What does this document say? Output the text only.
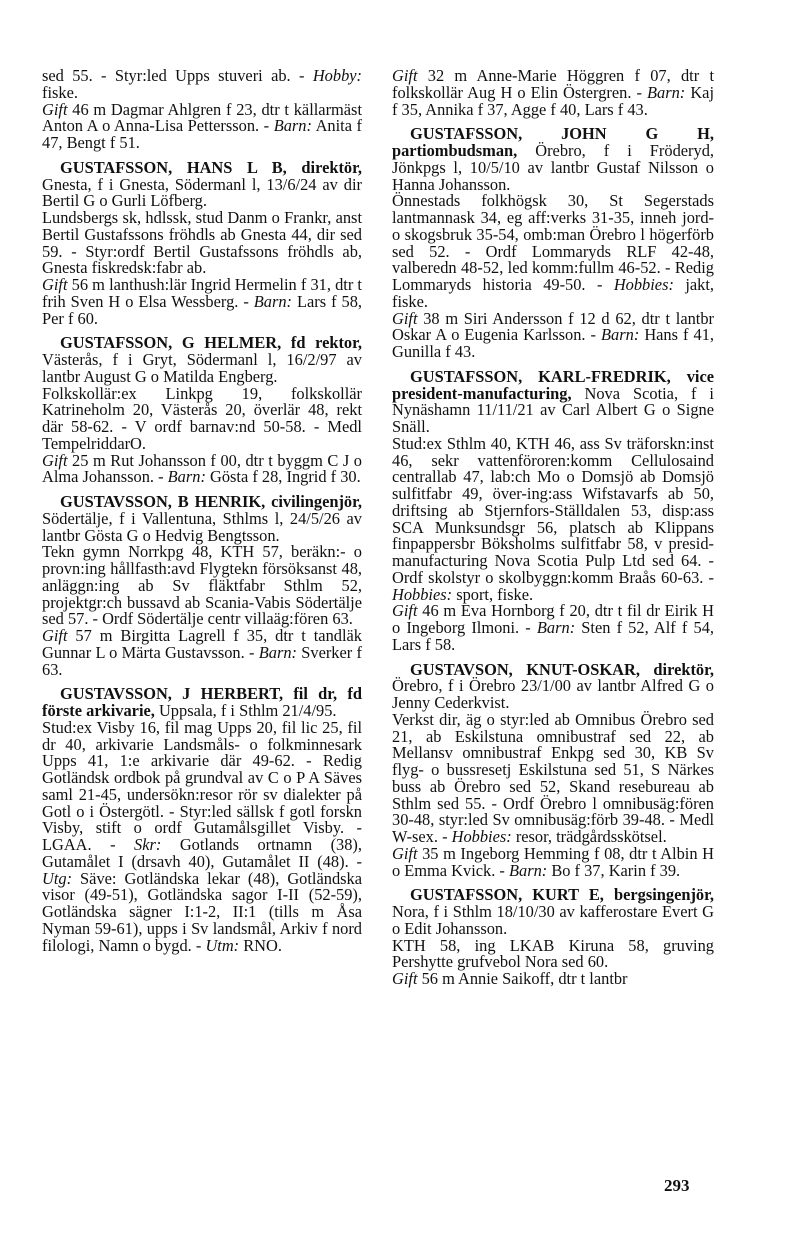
sed 55. - Styr:led Upps stuveri ab. - Hobby: fiske.
Gift 46 m Dagmar Ahlgren f 23, dtr t källarmäst Anton A o Anna-Lisa Pettersson. - Barn: Anita f 47, Bengt f 51.
GUSTAFSSON, HANS L B, direktör, Gnesta, f i Gnesta, Södermanl l, 13/6/24 av dir Bertil G o Gurli Löfberg.
Lundsbergs sk, hdlssk, stud Danm o Frankr, anst Bertil Gustafssons fröhdls ab Gnesta 44, dir sed 59. - Styr:ordf Bertil Gustafssons fröhdls ab, Gnesta fiskredsk:fabr ab.
Gift 56 m lanthush:lär Ingrid Hermelin f 31, dtr t frih Sven H o Elsa Wessberg. - Barn: Lars f 58, Per f 60.
GUSTAFSSON, G HELMER, fd rektor, Västerås, f i Gryt, Södermanl l, 16/2/97 av lantbr August G o Matilda Engberg.
Folkskollär:ex Linkpg 19, folkskollär Katrineholm 20, Västerås 20, överlär 48, rekt där 58-62. - V ordf barnav:nd 50-58. - Medl TempelriddarO.
Gift 25 m Rut Johansson f 00, dtr t byggm C J o Alma Johansson. - Barn: Gösta f 28, Ingrid f 30.
GUSTAVSSON, B HENRIK, civilingenjör, Södertälje, f i Vallentuna, Sthlms l, 24/5/26 av lantbr Gösta G o Hedvig Bengtsson.
Tekn gymn Norrkpg 48, KTH 57, beräkn:- o provn:ing hållfasth:avd Flygtekn försöksanst 48, anläggn:ing ab Sv fläktfabr Sthlm 52, projektgr:ch bussavd ab Scania-Vabis Södertälje sed 57. - Ordf Södertälje centr villaäg:fören 63.
Gift 57 m Birgitta Lagrell f 35, dtr t tandläk Gunnar L o Märta Gustavsson. - Barn: Sverker f 63.
GUSTAVSSON, J HERBERT, fil dr, fd förste arkivarie, Uppsala, f i Sthlm 21/4/95.
Stud:ex Visby 16, fil mag Upps 20, fil lic 25, fil dr 40, arkivarie Landsmåls- o folkminnesark Upps 41, 1:e arkivarie där 49-62. - Redig Gotländsk ordbok på grundval av C o P A Säves saml 21-45, undersökn:resor rör sv dialekter på Gotl o i Östergötl. - Styr:led sällsk f gotl forskn Visby, stift o ordf Gutamålsgillet Visby. - LGAA. - Skr: Gotlands ortnamn (38), Gutamålet I (drsavh 40), Gutamålet II (48). - Utg: Säve: Gotländska lekar (48), Gotländska visor (49-51), Gotländska sagor I-II (52-59), Gotländska sägner I:1-2, II:1 (tills m Åsa Nyman 59-61), upps i Sv landsmål, Arkiv f nord filologi, Namn o bygd. - Utm: RNO.
Gift 32 m Anne-Marie Höggren f 07, dtr t folkskollär Aug H o Elin Östergren. - Barn: Kaj f 35, Annika f 37, Agge f 40, Lars f 43.
GUSTAFSSON, JOHN G H, partiombudsman, Örebro, f i Fröderyd, Jönkpgs l, 10/5/10 av lantbr Gustaf Nilsson o Hanna Johansson.
Önnestads folkhögsk 30, St Segerstads lantmannask 34, eg aff:verks 31-35, inneh jord- o skogsbruk 35-54, omb:man Örebro l högerförb sed 52. - Ordf Lommaryds RLF 42-48, valberedn 48-52, led komm:fullm 46-52. - Redig Lommaryds historia 49-50. - Hobbies: jakt, fiske.
Gift 38 m Siri Andersson f 12 d 62, dtr t lantbr Oskar A o Eugenia Karlsson. - Barn: Hans f 41, Gunilla f 43.
GUSTAFSSON, KARL-FREDRIK, vice president-manufacturing, Nova Scotia, f i Nynäshamn 11/11/21 av Carl Albert G o Signe Snäll.
Stud:ex Sthlm 40, KTH 46, ass Sv träforskn:inst 46, sekr vattenföroren:komm Cellulosaind centrallab 47, lab:ch Mo o Domsjö ab Domsjö sulfitfabr 49, över-ing:ass Wifstavarfs ab 50, driftsing ab Stjernfors-Ställdalen 53, disp:ass SCA Munksundsgr 56, platsch ab Klippans finpappersbr Böksholms sulfitfabr 58, v presid-manufacturing Nova Scotia Pulp Ltd sed 64. - Ordf skolstyr o skolbyggn:komm Braås 60-63. - Hobbies: sport, fiske.
Gift 46 m Eva Hornborg f 20, dtr t fil dr Eirik H o Ingeborg Ilmoni. - Barn: Sten f 52, Alf f 54, Lars f 58.
GUSTAVSON, KNUT-OSKAR, direktör, Örebro, f i Örebro 23/1/00 av lantbr Alfred G o Jenny Cederkvist.
Verkst dir, äg o styr:led ab Omnibus Örebro sed 21, ab Eskilstuna omnibustraf sed 22, ab Mellansv omnibustraf Enkpg sed 30, KB Sv flyg- o bussresetj Eskilstuna sed 51, S Närkes buss ab Örebro sed 52, Skand resebureau ab Sthlm sed 55. - Ordf Örebro l omnibusäg:fören 30-48, styr:led Sv omnibusäg:förb 39-48. - Medl W-sex. - Hobbies: resor, trädgårdsskötsel.
Gift 35 m Ingeborg Hemming f 08, dtr t Albin H o Emma Kvick. - Barn: Bo f 37, Karin f 39.
GUSTAFSSON, KURT E, bergsingenjör, Nora, f i Sthlm 18/10/30 av kafferostare Evert G o Edit Johansson.
KTH 58, ing LKAB Kiruna 58, gruving Pershytte grufvebol Nora sed 60.
Gift 56 m Annie Saikoff, dtr t lantbr
293
